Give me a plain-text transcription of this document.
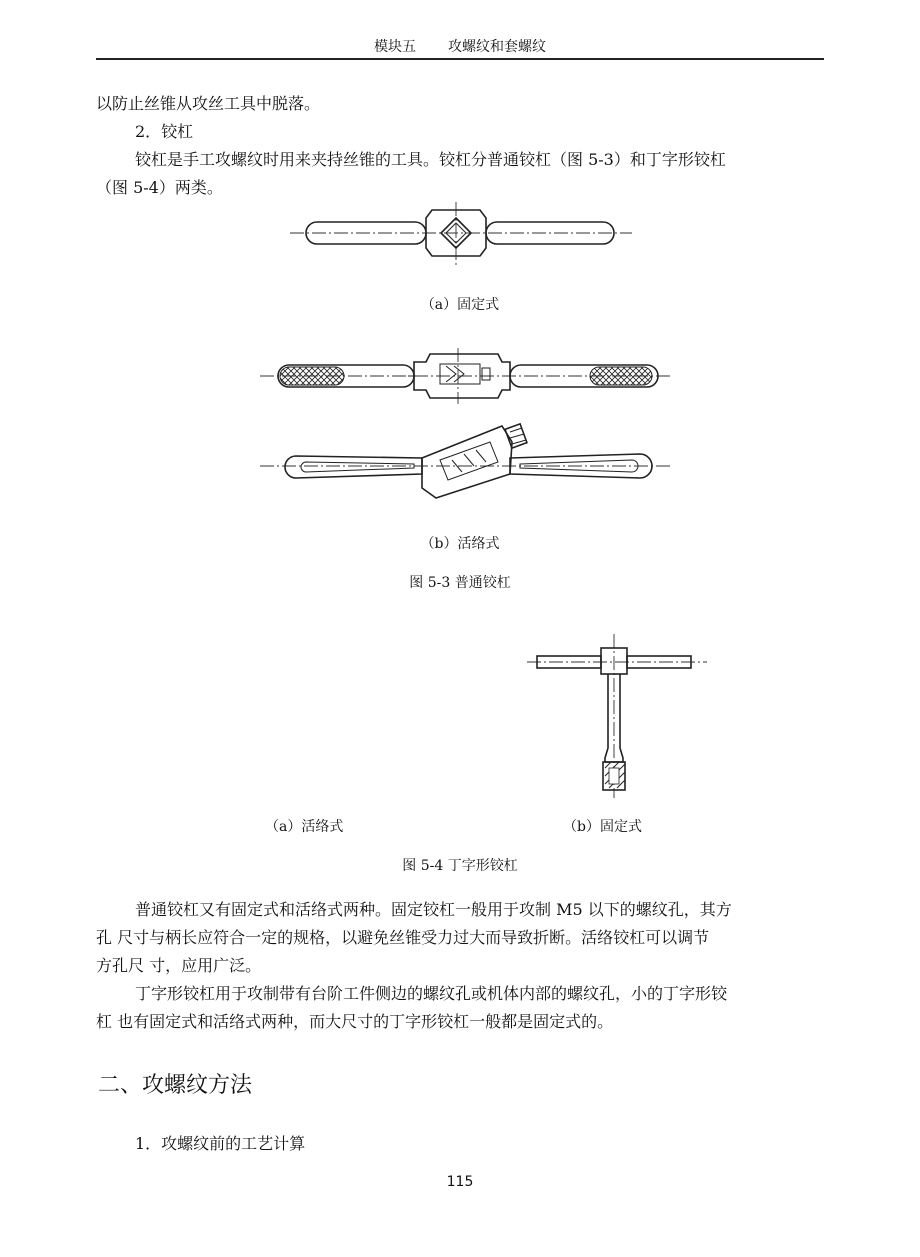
模块五 攻螺纹和套螺纹
以防止丝锥从攻丝工具中脱落。
2．铰杠
铰杠是手工攻螺纹时用来夹持丝锥的工具。铰杠分普通铰杠（图 5-3）和丁字形铰杠
（图 5-4）两类。
（a）固定式
（b）活络式
图 5-3 普通铰杠
（a）活络式	（b）固定式
图 5-4 丁字形铰杠
普通铰杠又有固定式和活络式两种。固定铰杠一般用于攻制 M5 以下的螺纹孔，其方
孔 尺寸与柄长应符合一定的规格，以避免丝锥受力过大而导致折断。活络铰杠可以调节
方孔尺 寸，应用广泛。
丁字形铰杠用于攻制带有台阶工件侧边的螺纹孔或机体内部的螺纹孔，小的丁字形铰
杠 也有固定式和活络式两种，而大尺寸的丁字形铰杠一般都是固定式的。
二、攻螺纹方法
1．攻螺纹前的工艺计算
115
